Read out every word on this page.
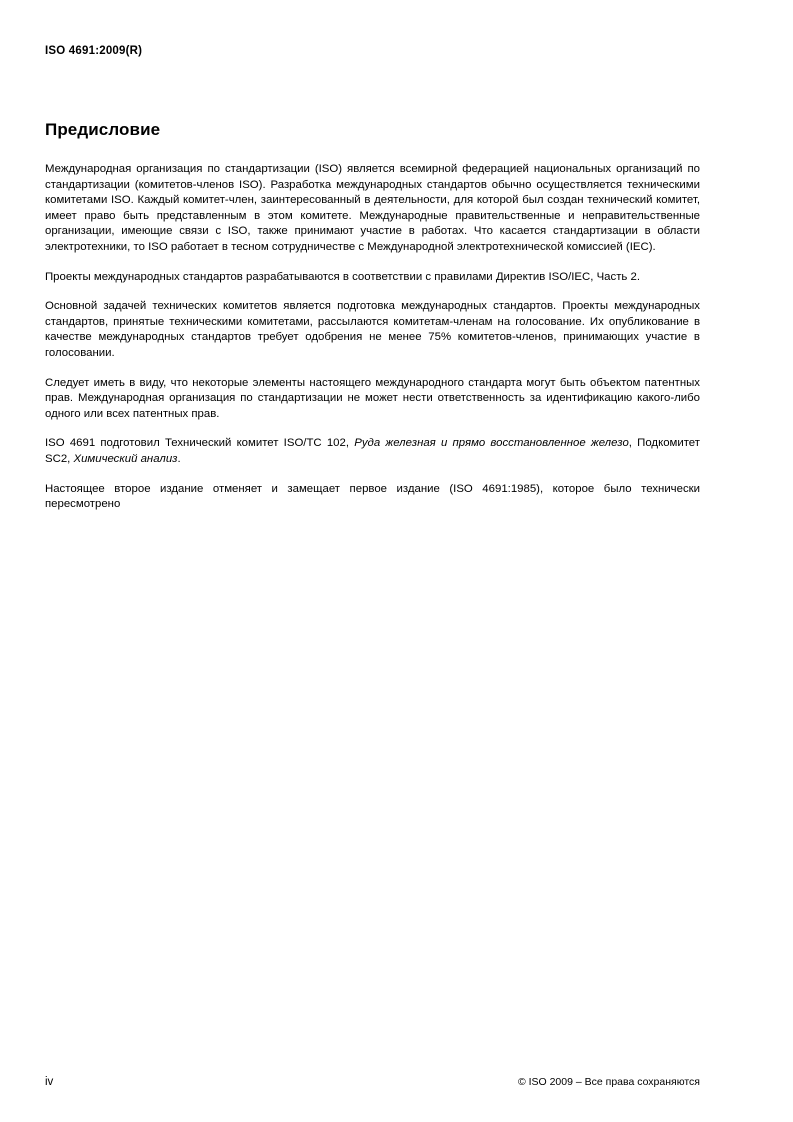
ISO 4691:2009(R)
Предисловие

Международная организация по стандартизации (ISO) является всемирной федерацией национальных организаций по стандартизации (комитетов-членов ISO). Разработка международных стандартов обычно осуществляется техническими комитетами ISO. Каждый комитет-член, заинтересованный в деятельности, для которой был создан технический комитет, имеет право быть представленным в этом комитете. Международные правительственные и неправительственные организации, имеющие связи с ISO, также принимают участие в работах. Что касается стандартизации в области электротехники, то ISO работает в тесном сотрудничестве с Международной электротехнической комиссией (IEC).

Проекты международных стандартов разрабатываются в соответствии с правилами Директив ISO/IEC, Часть 2.

Основной задачей технических комитетов является подготовка международных стандартов. Проекты международных стандартов, принятые техническими комитетами, рассылаются комитетам-членам на голосование. Их опубликование в качестве международных стандартов требует одобрения не менее 75% комитетов-членов, принимающих участие в голосовании.

Следует иметь в виду, что некоторые элементы настоящего международного стандарта могут быть объектом патентных прав. Международная организация по стандартизации не может нести ответственность за идентификацию какого-либо одного или всех патентных прав.

ISO 4691 подготовил Технический комитет ISO/TC 102, Руда железная и прямо восстановленное железо, Подкомитет SC2, Химический анализ.

Настоящее второе издание отменяет и замещает первое издание (ISO 4691:1985), которое было технически пересмотрено

iv	© ISO 2009 – Все права сохраняются
